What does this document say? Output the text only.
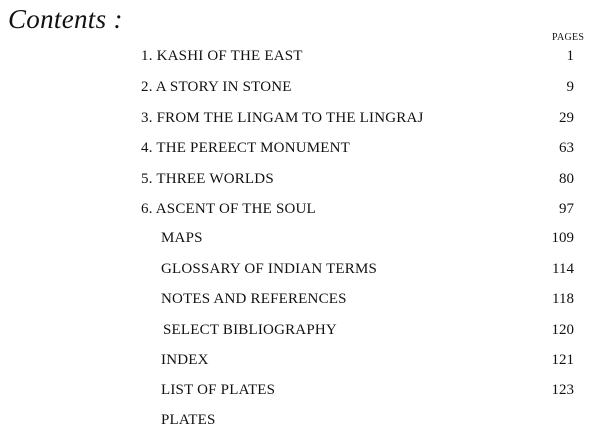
Contents :
PAGES
1. KASHI OF THE EAST	1
2. A STORY IN STONE	9
3. FROM THE LINGAM TO THE LINGRAJ	29
4. THE PEREECT MONUMENT	63
5. THREE WORLDS	80
6. ASCENT OF THE SOUL	97
MAPS	109
GLOSSARY OF INDIAN TERMS	114
NOTES AND REFERENCES	118
SELECT BIBLIOGRAPHY	120
INDEX	121
LIST OF PLATES	123
PLATES
